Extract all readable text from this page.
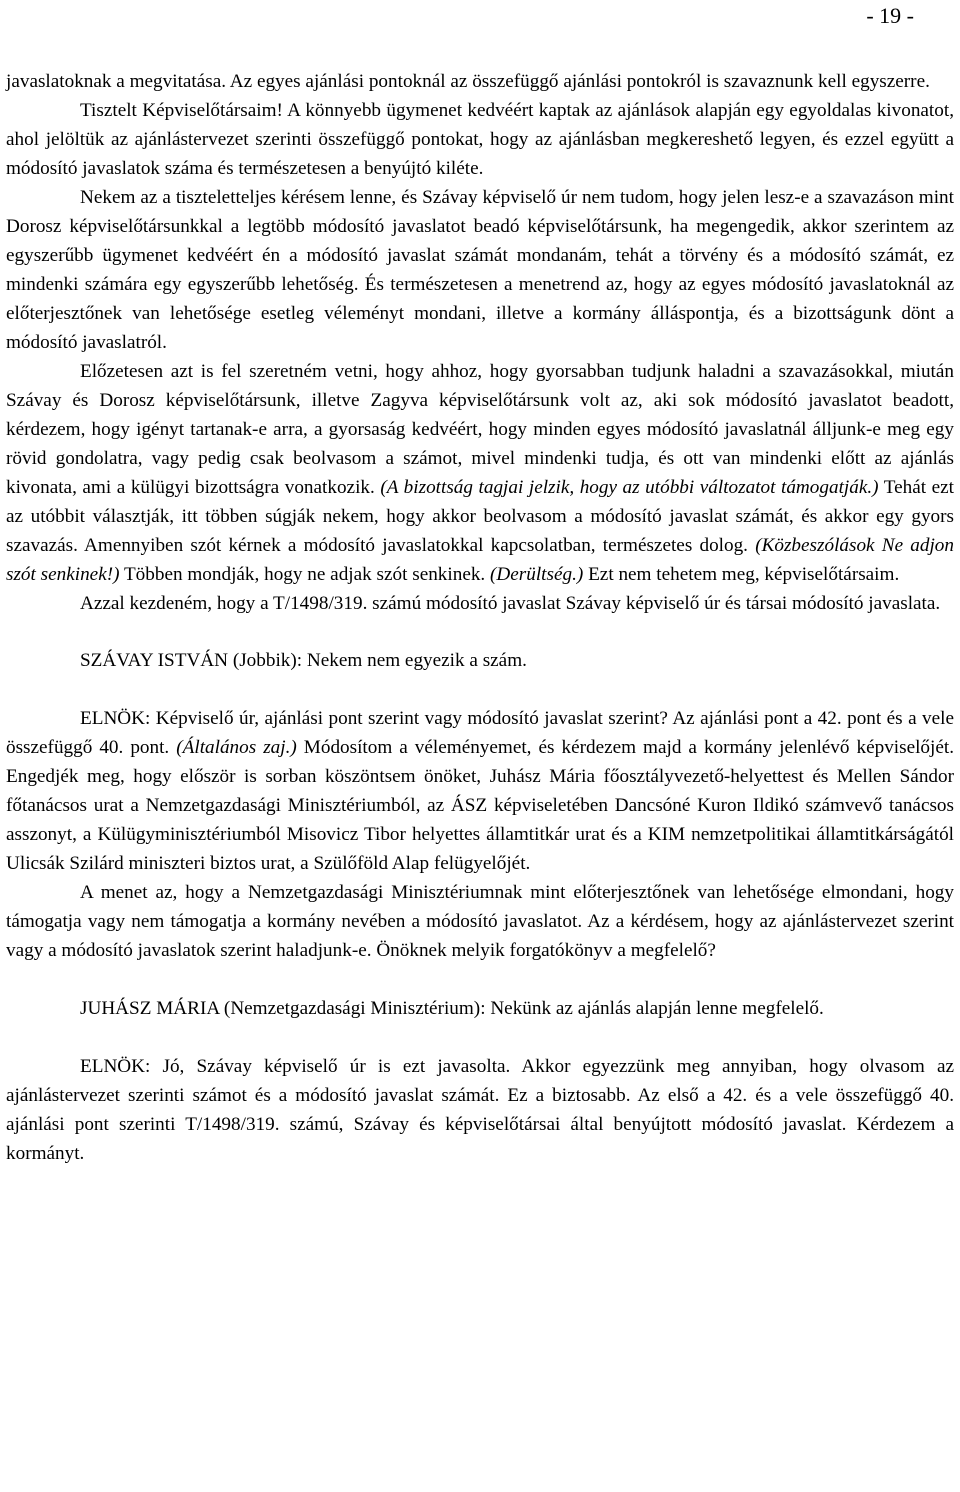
- 19 -

javaslatoknak a megvitatása. Az egyes ajánlási pontoknál az összefüggő ajánlási pontokról is szavaznunk kell egyszerre.

Tisztelt Képviselőtársaim! A könnyebb ügymenet kedvéért kaptak az ajánlások alapján egy egyoldalas kivonatot, ahol jelöltük az ajánlástervezet szerinti összefüggő pontokat, hogy az ajánlásban megkereshető legyen, és ezzel együtt a módosító javaslatok száma és természetesen a benyújtó kiléte.

Nekem az a tiszteletteljes kérésem lenne, és Szávay képviselő úr nem tudom, hogy jelen lesz-e a szavazáson mint Dorosz képviselőtársunkkal a legtöbb módosító javaslatot beadó képviselőtársunk, ha megengedik, akkor szerintem az egyszerűbb ügymenet kedvéért én a módosító javaslat számát mondanám, tehát a törvény és a módosító számát, ez mindenki számára egy egyszerűbb lehetőség. És természetesen a menetrend az, hogy az egyes módosító javaslatoknál az előterjesztőnek van lehetősége esetleg véleményt mondani, illetve a kormány álláspontja, és a bizottságunk dönt a módosító javaslatról.

Előzetesen azt is fel szeretném vetni, hogy ahhoz, hogy gyorsabban tudjunk haladni a szavazásokkal, miután Szávay és Dorosz képviselőtársunk, illetve Zagyva képviselőtársunk volt az, aki sok módosító javaslatot beadott, kérdezem, hogy igényt tartanak-e arra, a gyorsaság kedvéért, hogy minden egyes módosító javaslatnál álljunk-e meg egy rövid gondolatra, vagy pedig csak beolvasom a számot, mivel mindenki tudja, és ott van mindenki előtt az ajánlás kivonata, ami a külügyi bizottságra vonatkozik. (A bizottság tagjai jelzik, hogy az utóbbi változatot támogatják.) Tehát ezt az utóbbit választják, itt többen súgják nekem, hogy akkor beolvasom a módosító javaslat számát, és akkor egy gyors szavazás. Amennyiben szót kérnek a módosító javaslatokkal kapcsolatban, természetes dolog. (Közbeszólások Ne adjon szót senkinek!) Többen mondják, hogy ne adjak szót senkinek. (Derültség.) Ezt nem tehetem meg, képviselőtársaim.

Azzal kezdeném, hogy a T/1498/319. számú módosító javaslat Szávay képviselő úr és társai módosító javaslata.

SZÁVAY ISTVÁN (Jobbik): Nekem nem egyezik a szám.

ELNÖK: Képviselő úr, ajánlási pont szerint vagy módosító javaslat szerint? Az ajánlási pont a 42. pont és a vele összefüggő 40. pont. (Általános zaj.) Módosítom a véleményemet, és kérdezem majd a kormány jelenlévő képviselőjét. Engedjék meg, hogy először is sorban köszöntsem önöket, Juhász Mária főosztályvezető-helyettest és Mellen Sándor főtanácsos urat a Nemzetgazdasági Minisztériumból, az ÁSZ képviseletében Dancsóné Kuron Ildikó számvevő tanácsos asszonyt, a Külügyminisztériumból Misovicz Tibor helyettes államtitkár urat és a KIM nemzetpolitikai államtitkárságától Ulicsák Szilárd miniszteri biztos urat, a Szülőföld Alap felügyelőjét.

A menet az, hogy a Nemzetgazdasági Minisztériumnak mint előterjesztőnek van lehetősége elmondani, hogy támogatja vagy nem támogatja a kormány nevében a módosító javaslatot. Az a kérdésem, hogy az ajánlástervezet szerint vagy a módosító javaslatok szerint haladjunk-e. Önöknek melyik forgatókönyv a megfelelő?

JUHÁSZ MÁRIA (Nemzetgazdasági Minisztérium): Nekünk az ajánlás alapján lenne megfelelő.

ELNÖK: Jó, Szávay képviselő úr is ezt javasolta. Akkor egyezzünk meg annyiban, hogy olvasom az ajánlástervezet szerinti számot és a módosító javaslat számát. Ez a biztosabb. Az első a 42. és a vele összefüggő 40. ajánlási pont szerinti T/1498/319. számú, Szávay és képviselőtársai által benyújtott módosító javaslat. Kérdezem a kormányt.
